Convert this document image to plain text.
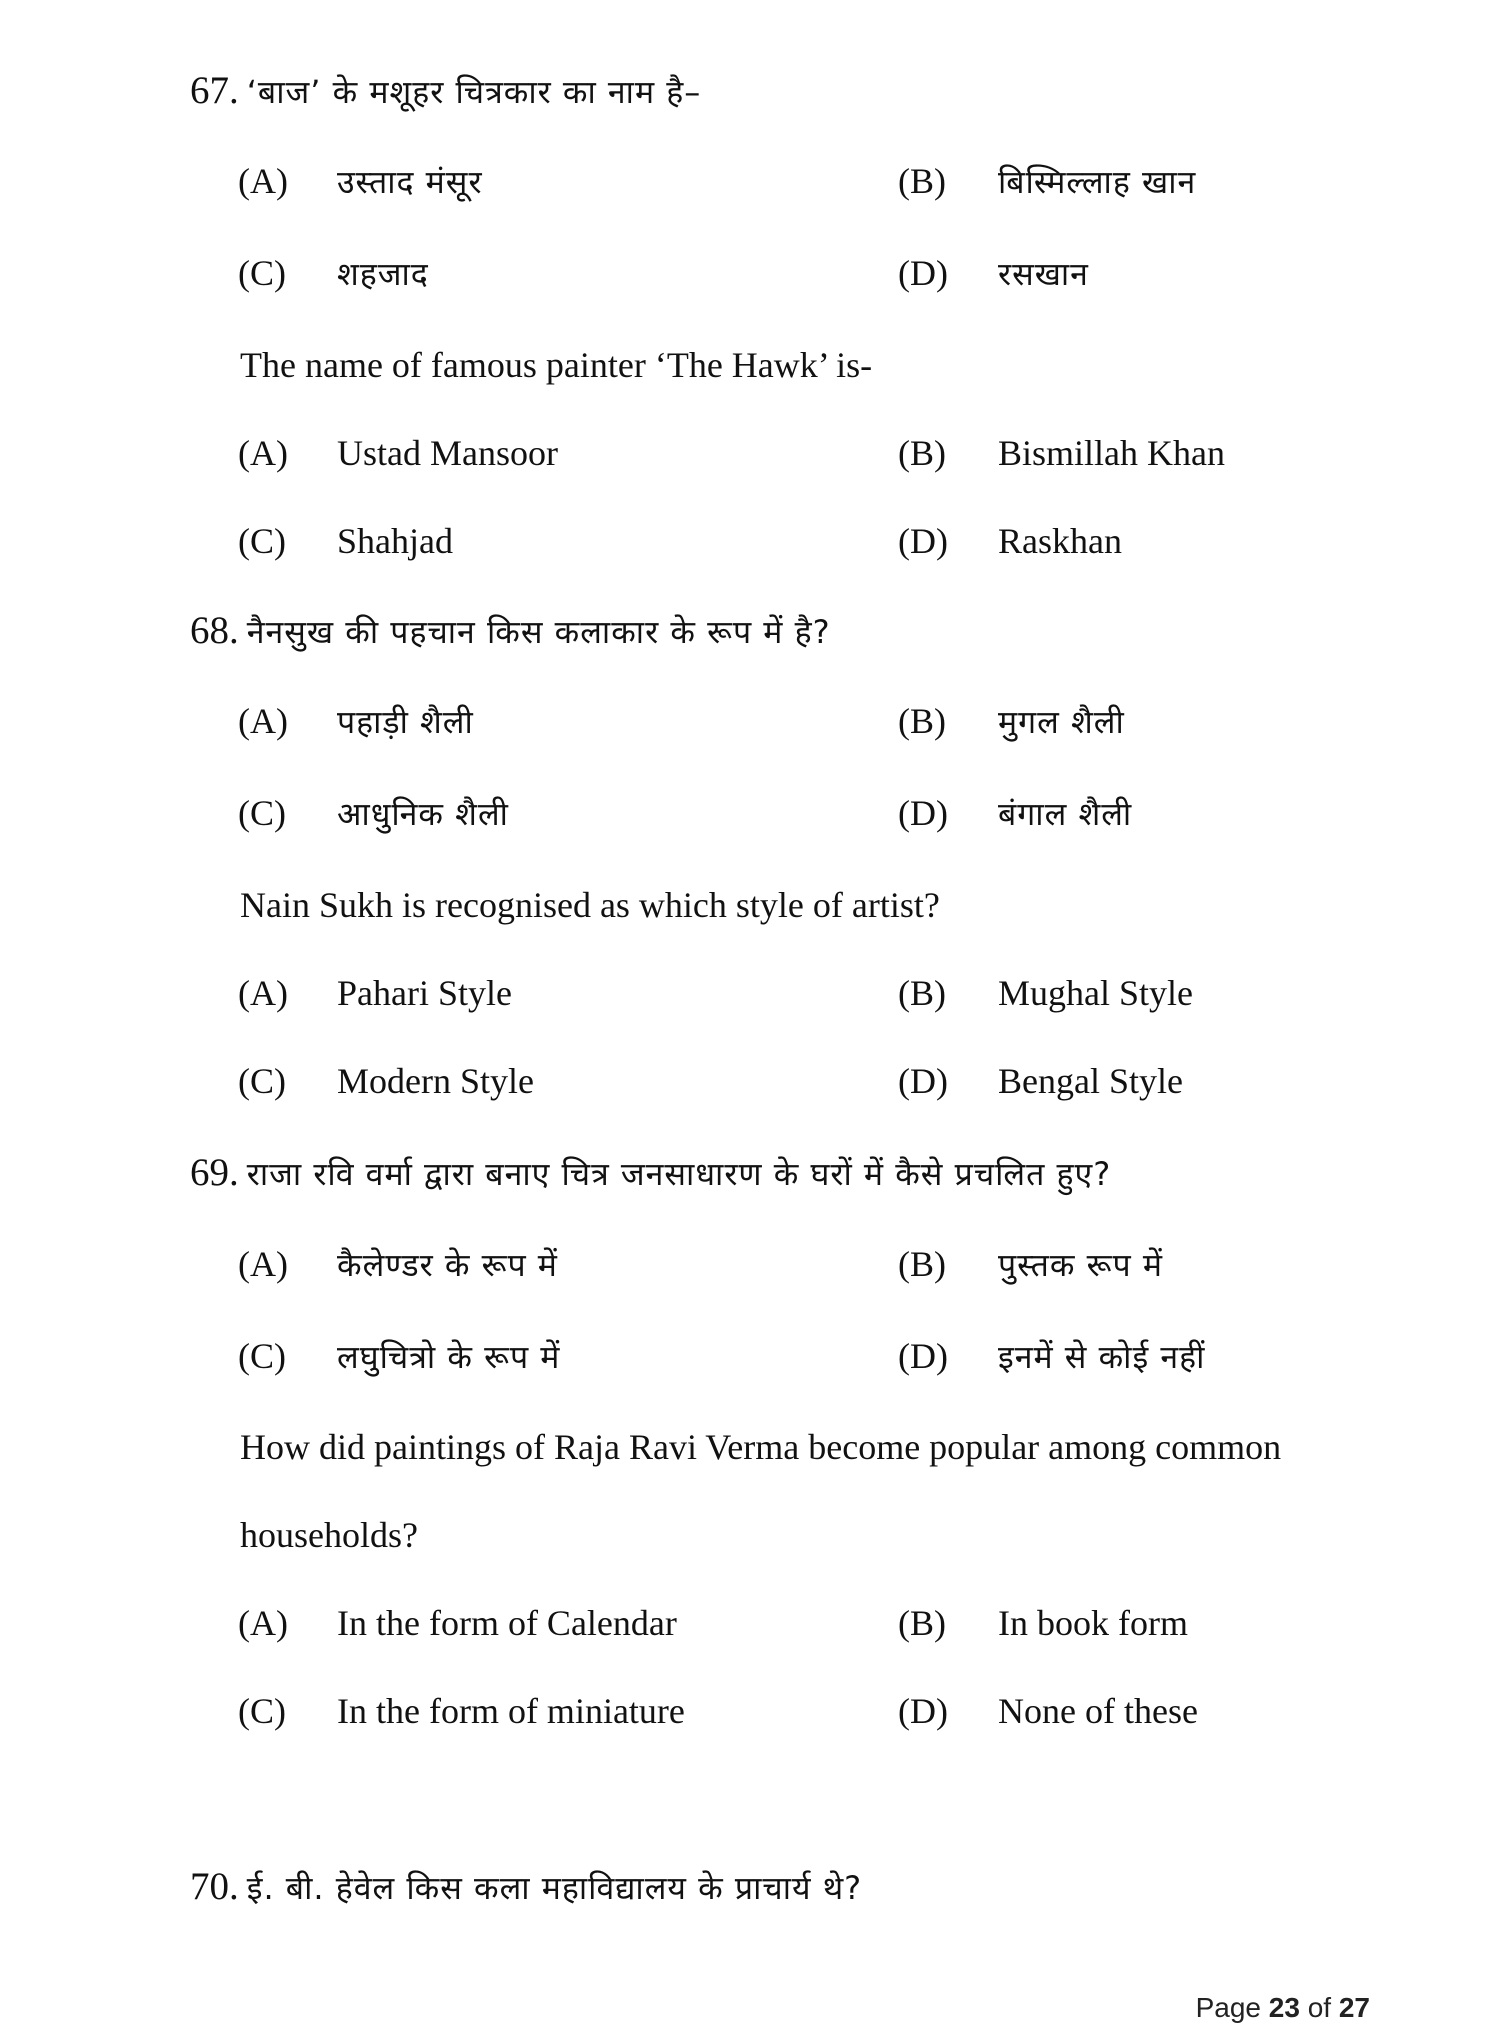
67. ‘बाज’ के मशूहर चित्रकार का नाम है–
(A) उस्ताद मंसूर	(B) बिस्मिल्लाह खान
(C) शहजाद	(D) रसखान
The name of famous painter ‘The Hawk’ is-
(A) Ustad Mansoor	(B) Bismillah Khan
(C) Shahjad	(D) Raskhan
68. नैनसुख की पहचान किस कलाकार के रूप में है?
(A) पहाड़ी शैली	(B) मुगल शैली
(C) आधुनिक शैली	(D) बंगाल शैली
Nain Sukh is recognised as which style of artist?
(A) Pahari Style	(B) Mughal Style
(C) Modern Style	(D) Bengal Style
69. राजा रवि वर्मा द्वारा बनाए चित्र जनसाधारण के घरों में कैसे प्रचलित हुए?
(A) कैलेण्डर के रूप में	(B) पुस्तक रूप में
(C) लघुचित्रो के रूप में	(D) इनमें से कोई नहीं
How did paintings of Raja Ravi Verma become popular among common
households?
(A) In the form of Calendar	(B) In book form
(C) In the form of miniature	(D) None of these
70. ई. बी. हेवेल किस कला महाविद्यालय के प्राचार्य थे?
Page 23 of 27
